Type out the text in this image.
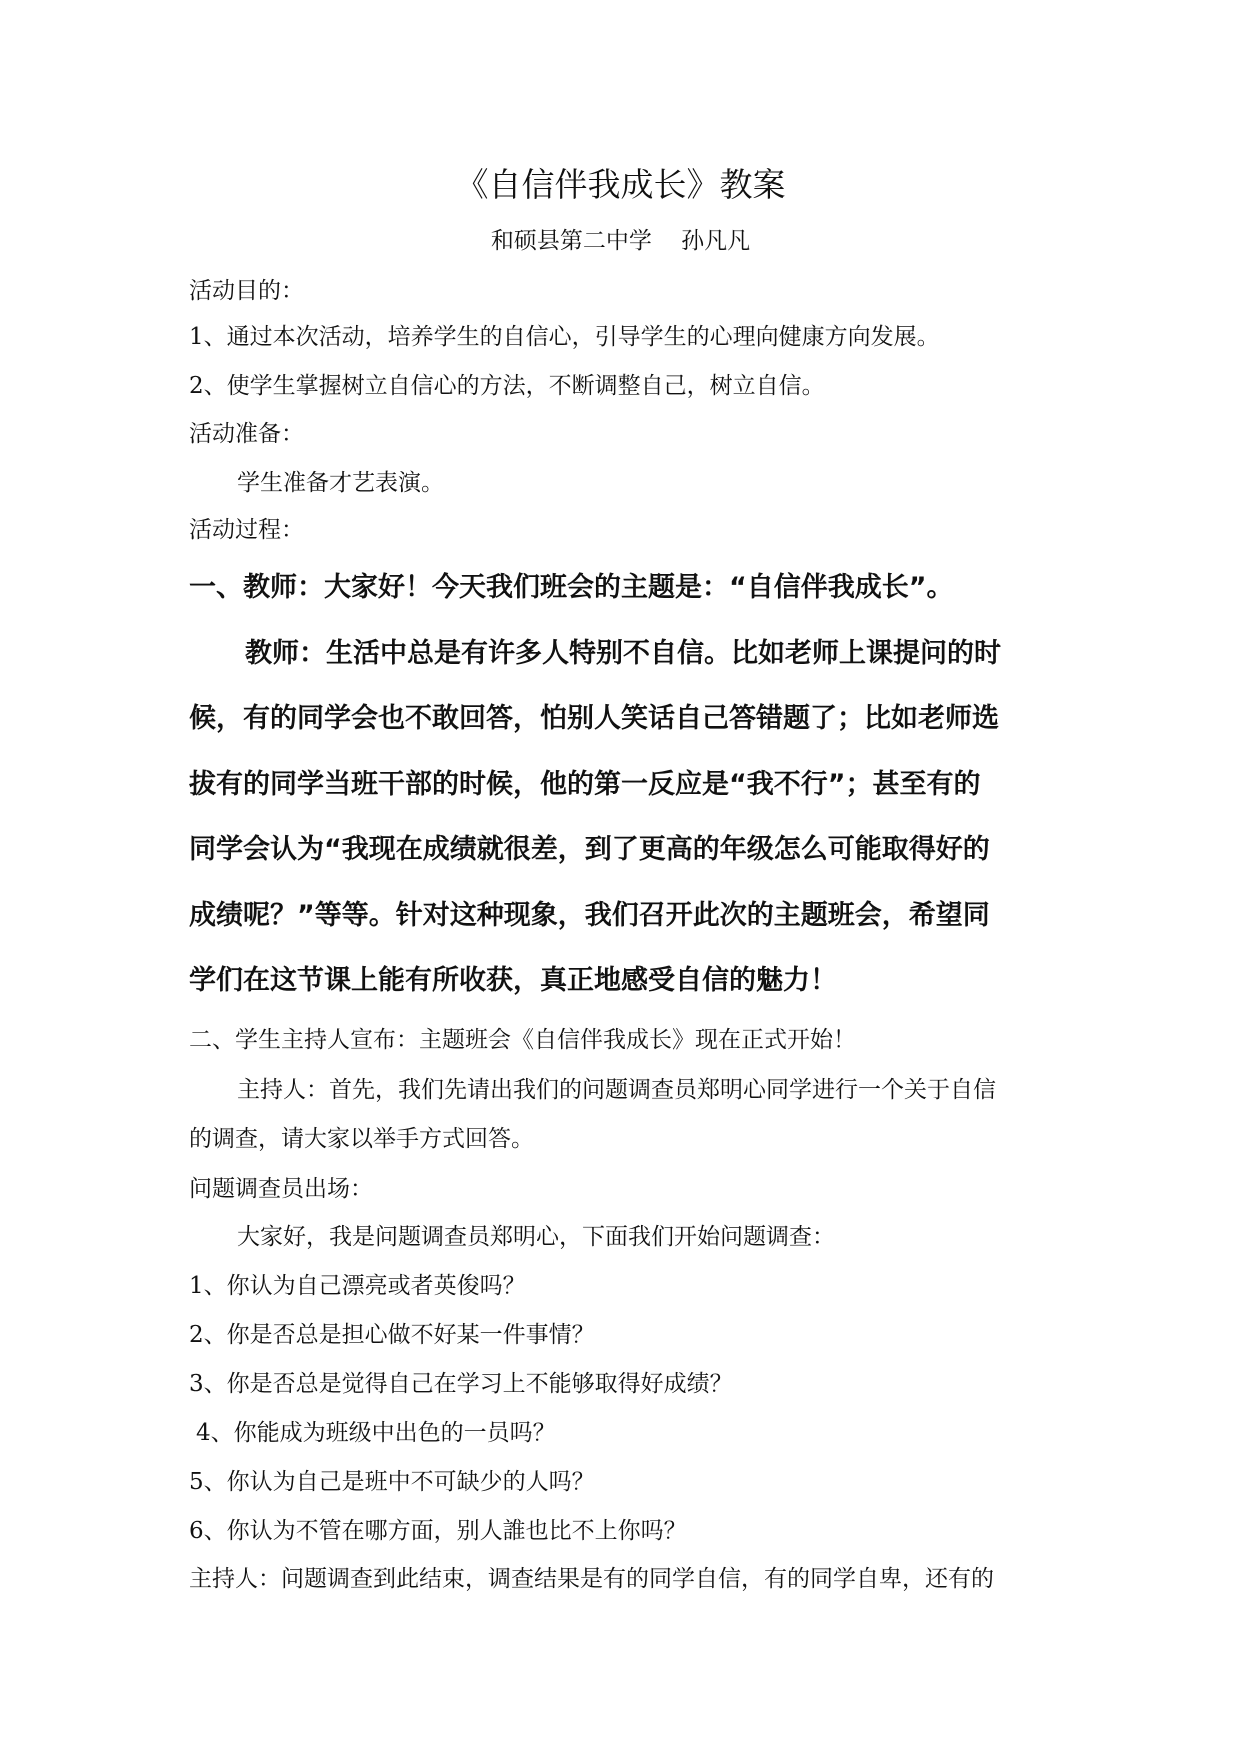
《自信伴我成长》教案
和硕县第二中学    孙凡凡
活动目的：
1、通过本次活动，培养学生的自信心，引导学生的心理向健康方向发展。
2、使学生掌握树立自信心的方法，不断调整自己，树立自信。
活动准备：
学生准备才艺表演。
活动过程：
一、教师：大家好！今天我们班会的主题是：“自信伴我成长”。
教师：生活中总是有许多人特别不自信。比如老师上课提问的时
候，有的同学会也不敢回答，怕别人笑话自己答错题了；比如老师选
拔有的同学当班干部的时候，他的第一反应是“我不行”；甚至有的
同学会认为“我现在成绩就很差，到了更高的年级怎么可能取得好的
成绩呢？”等等。针对这种现象，我们召开此次的主题班会，希望同
学们在这节课上能有所收获，真正地感受自信的魅力！
二、学生主持人宣布：主题班会《自信伴我成长》现在正式开始！
主持人：首先，我们先请出我们的问题调查员郑明心同学进行一个关于自信
的调查，请大家以举手方式回答。
问题调查员出场：
大家好，我是问题调查员郑明心，下面我们开始问题调查：
1、你认为自己漂亮或者英俊吗？
2、你是否总是担心做不好某一件事情？
3、你是否总是觉得自己在学习上不能够取得好成绩？
4、你能成为班级中出色的一员吗？
5、你认为自己是班中不可缺少的人吗？
6、你认为不管在哪方面，别人誰也比不上你吗？
主持人：问题调查到此结束，调查结果是有的同学自信，有的同学自卑，还有的
